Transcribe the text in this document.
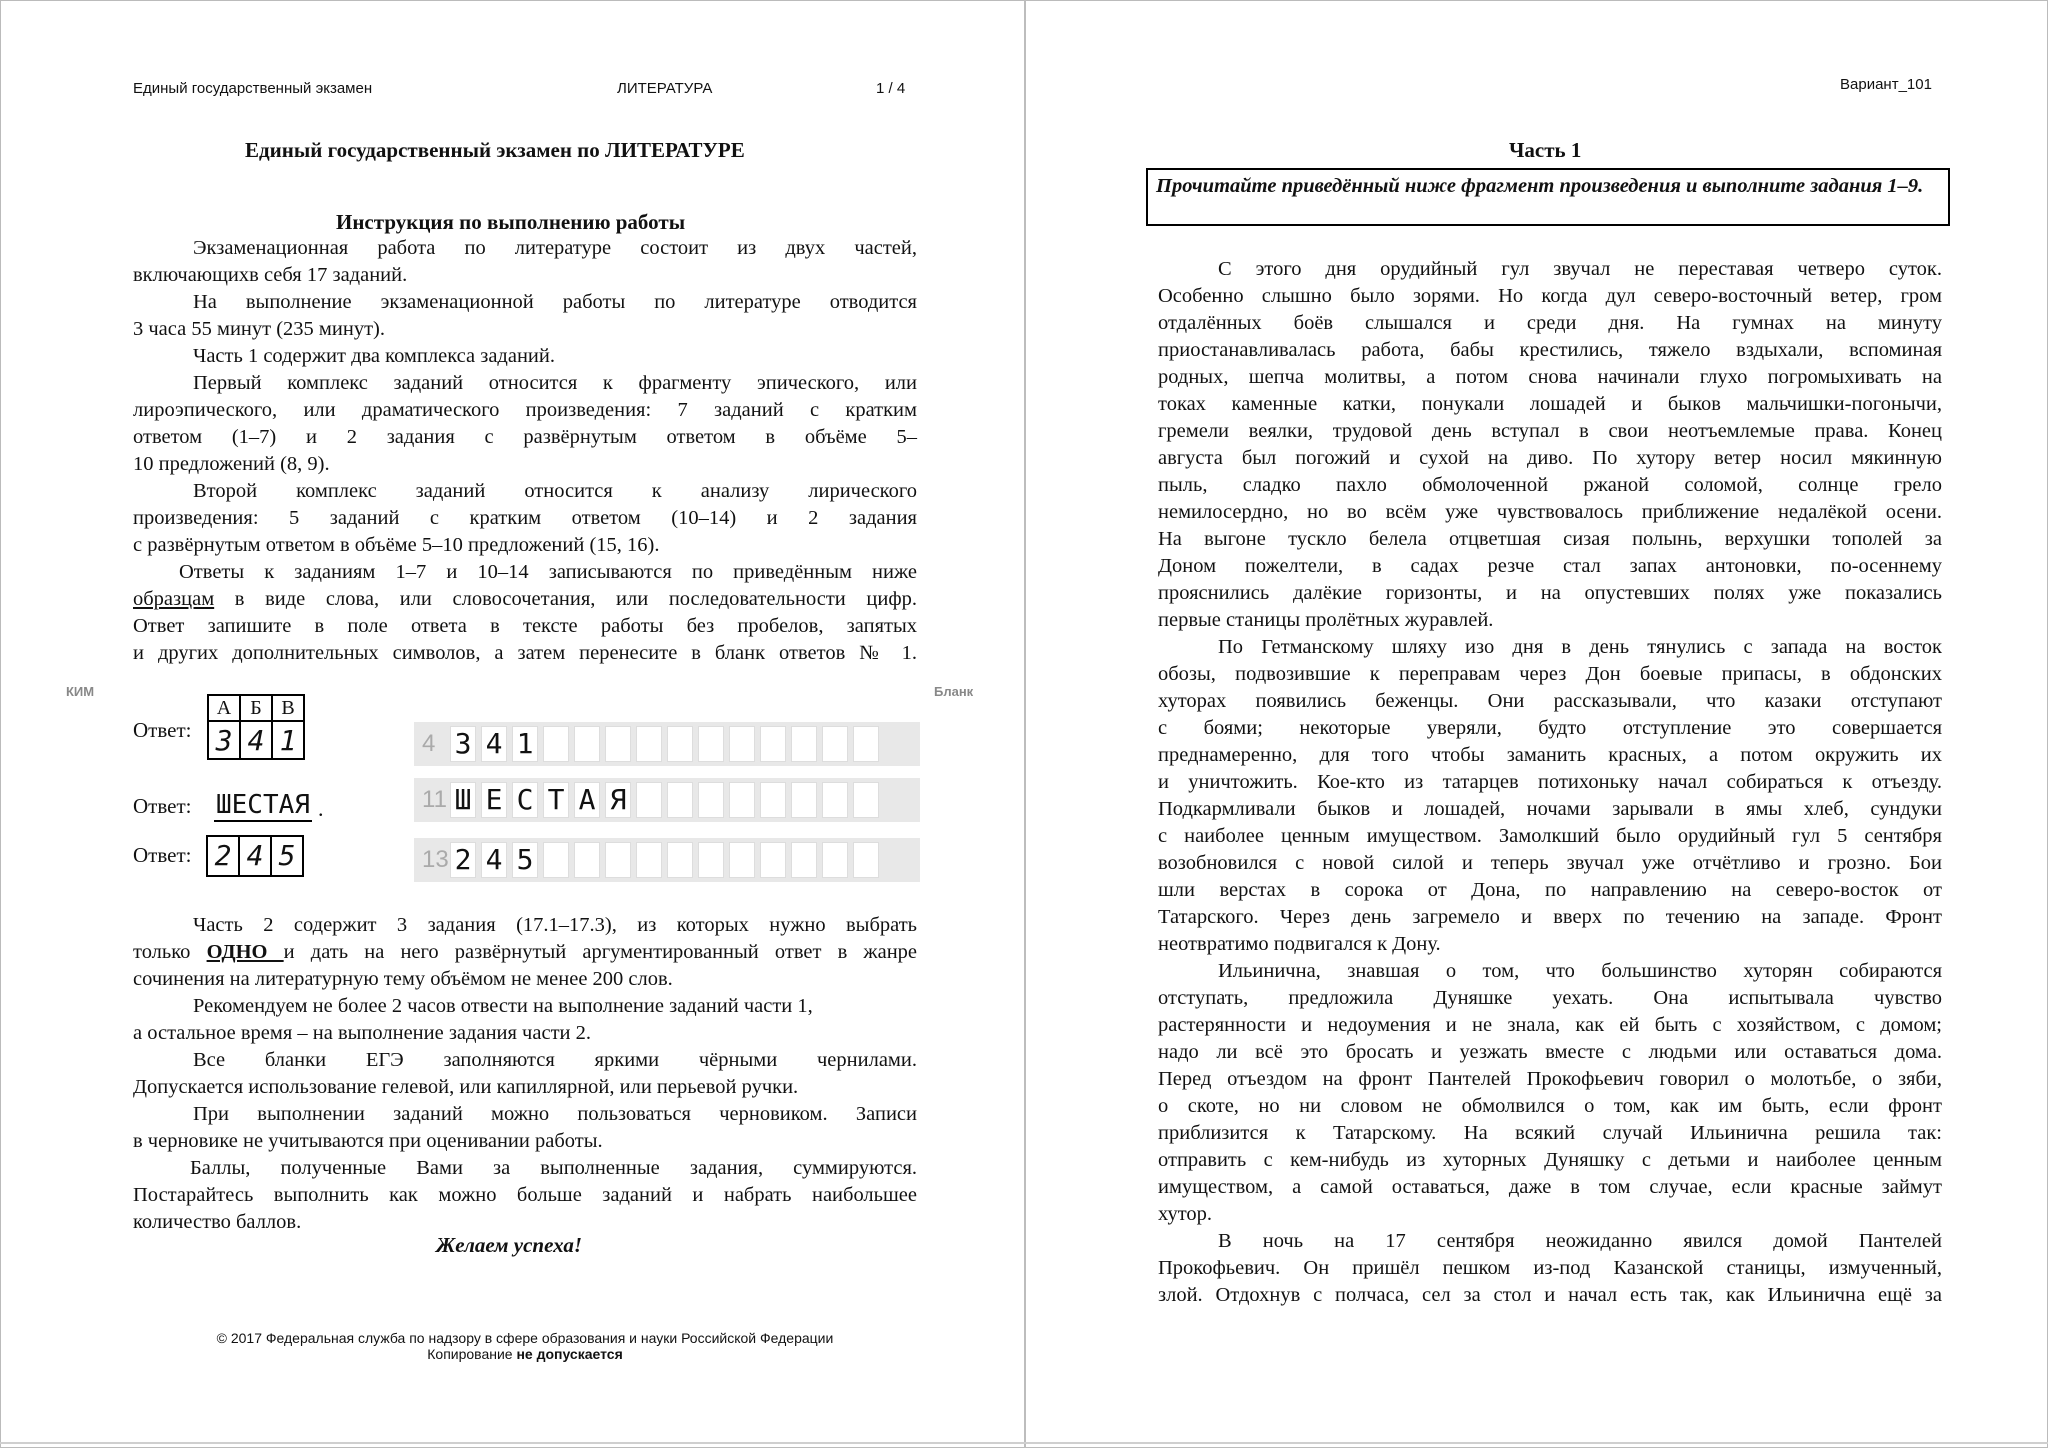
Единый государственный экзамен	ЛИТЕРАТУРА	1 / 4
Единый государственный экзамен по ЛИТЕРАТУРЕ
Инструкция по выполнению работы
Экзаменационная работа по литературе состоит из двух частей,
включающихв себя 17 заданий.
На выполнение экзаменационной работы по литературе отводится
3 часа 55 минут (235 минут).
Часть 1 содержит два комплекса заданий.
Первый комплекс заданий относится к фрагменту эпического, или
лироэпического, или драматического произведения: 7 заданий с кратким
ответом (1–7) и 2 задания с развёрнутым ответом в объёме 5–
10 предложений (8, 9).
Второй комплекс заданий относится к анализу лирического
произведения: 5 заданий с кратким ответом (10–14) и 2 задания
с развёрнутым ответом в объёме 5–10 предложений (15, 16).
Ответы к заданиям 1–7 и 10–14 записываются по приведённым ниже
образцам в виде слова, или словосочетания, или последовательности цифр.
Ответ запишите в поле ответа в тексте работы без пробелов, запятых
и других дополнительных символов, а затем перенесите в бланк ответов № 1.
КИМ	Бланк
Ответ:
А	Б	В
3	4	1
Ответ: ШЕСТАЯ .
Ответ: 2 4 5
4 3 4 1
11 Ш Е С Т А Я
13 2 4 5
Часть 2 содержит 3 задания (17.1–17.3), из которых нужно выбрать
только ОДНО и дать на него развёрнутый аргументированный ответ в жанре
сочинения на литературную тему объёмом не менее 200 слов.
Рекомендуем не более 2 часов отвести на выполнение заданий части 1,
а остальное время – на выполнение задания части 2.
Все бланки ЕГЭ заполняются яркими чёрными чернилами.
Допускается использование гелевой, или капиллярной, или перьевой ручки.
При выполнении заданий можно пользоваться черновиком. Записи
в черновике не учитываются при оценивании работы.
Баллы, полученные Вами за выполненные задания, суммируются.
Постарайтесь выполнить как можно больше заданий и набрать наибольшее
количество баллов.
Желаем успеха!
© 2017 Федеральная служба по надзору в сфере образования и науки Российской Федерации
Копирование не допускается
Вариант_101
Часть 1
Прочитайте приведённый ниже фрагмент произведения и выполните задания 1–9.
С этого дня орудийный гул звучал не переставая четверо суток.
Особенно слышно было зорями. Но когда дул северо-восточный ветер, гром
отдалённых боёв слышался и среди дня. На гумнах на минуту
приостанавливалась работа, бабы крестились, тяжело вздыхали, вспоминая
родных, шепча молитвы, а потом снова начинали глухо погромыхивать на
токах каменные катки, понукали лошадей и быков мальчишки-погонычи,
гремели веялки, трудовой день вступал в свои неотъемлемые права. Конец
августа был погожий и сухой на диво. По хутору ветер носил мякинную
пыль, сладко пахло обмолоченной ржаной соломой, солнце грело
немилосердно, но во всём уже чувствовалось приближение недалёкой осени.
На выгоне тускло белела отцветшая сизая полынь, верхушки тополей за
Доном пожелтели, в садах резче стал запах антоновки, по-осеннему
прояснились далёкие горизонты, и на опустевших полях уже показались
первые станицы пролётных журавлей.
По Гетманскому шляху изо дня в день тянулись с запада на восток
обозы, подвозившие к переправам через Дон боевые припасы, в обдонских
хуторах появились беженцы. Они рассказывали, что казаки отступают
с боями; некоторые уверяли, будто отступление это совершается
преднамеренно, для того чтобы заманить красных, а потом окружить их
и уничтожить. Кое-кто из татарцев потихоньку начал собираться к отъезду.
Подкармливали быков и лошадей, ночами зарывали в ямы хлеб, сундуки
с наиболее ценным имуществом. Замолкший было орудийный гул 5 сентября
возобновился с новой силой и теперь звучал уже отчётливо и грозно. Бои
шли верстах в сорока от Дона, по направлению на северо-восток от
Татарского. Через день загремело и вверх по течению на западе. Фронт
неотвратимо подвигался к Дону.
Ильинична, знавшая о том, что большинство хуторян собираются
отступать, предложила Дуняшке уехать. Она испытывала чувство
растерянности и недоумения и не знала, как ей быть с хозяйством, с домом;
надо ли всё это бросать и уезжать вместе с людьми или оставаться дома.
Перед отъездом на фронт Пантелей Прокофьевич говорил о молотьбе, о зяби,
о скоте, но ни словом не обмолвился о том, как им быть, если фронт
приблизится к Татарскому. На всякий случай Ильинична решила так:
отправить с кем-нибудь из хуторных Дуняшку с детьми и наиболее ценным
имуществом, а самой оставаться, даже в том случае, если красные займут
хутор.
В ночь на 17 сентября неожиданно явился домой Пантелей
Прокофьевич. Он пришёл пешком из-под Казанской станицы, измученный,
злой. Отдохнув с полчаса, сел за стол и начал есть так, как Ильинична ещё за
